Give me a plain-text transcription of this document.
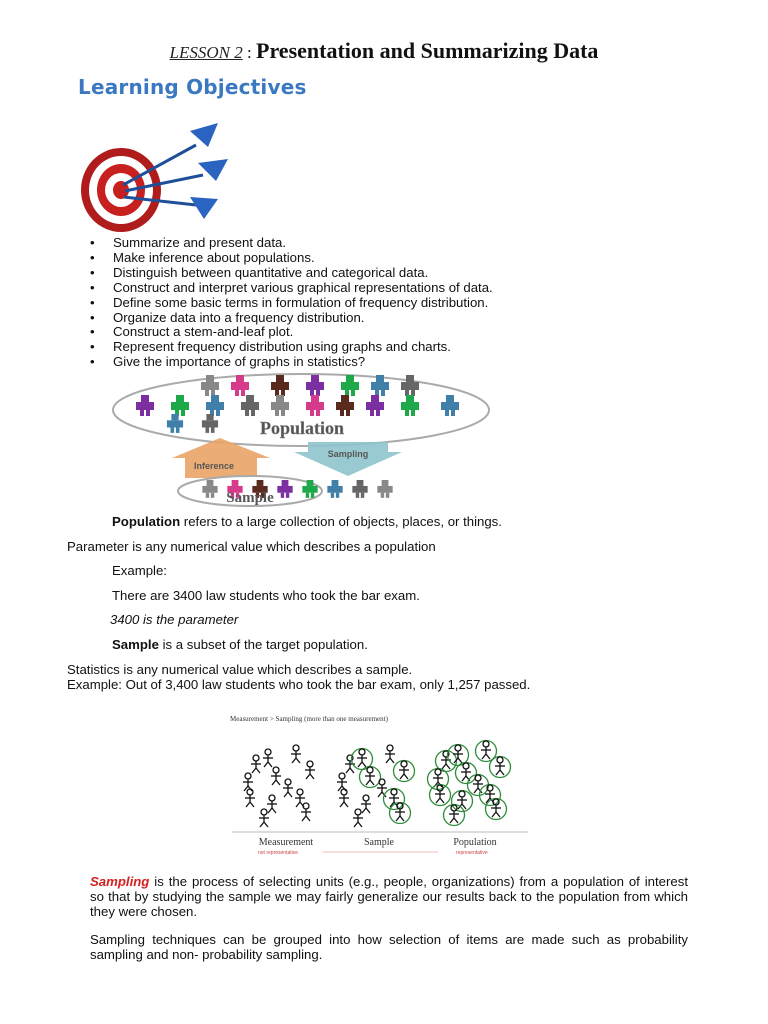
LESSON 2 : Presentation and Summarizing Data
Learning Objectives
• Summarize and present data.
• Make inference about populations.
• Distinguish between quantitative and categorical data.
• Construct and interpret various graphical representations of data.
• Define some basic terms in formulation of frequency distribution.
• Organize data into a frequency distribution.
• Construct a stem-and-leaf plot.
• Represent frequency distribution using graphs and charts.
• Give the importance of graphs in statistics?
Population
Inference
Sampling
Sample
Population refers to a large collection of objects, places, or things.
Parameter is any numerical value which describes a population
Example:
There are 3400 law students who took the bar exam.
3400 is the parameter
Sample is a subset of the target population.
Statistics is any numerical value which describes a sample.
Example: Out of 3,400 law students who took the bar exam, only 1,257 passed.
Measurement > Sampling (more than one measurement)
Measurement	Sample	Population
not representative	representative
Sampling is the process of selecting units (e.g., people, organizations) from a population of interest so that by studying the sample we may fairly generalize our results back to the population from which they were chosen.
Sampling techniques can be grouped into how selection of items are made such as probability sampling and non- probability sampling.
